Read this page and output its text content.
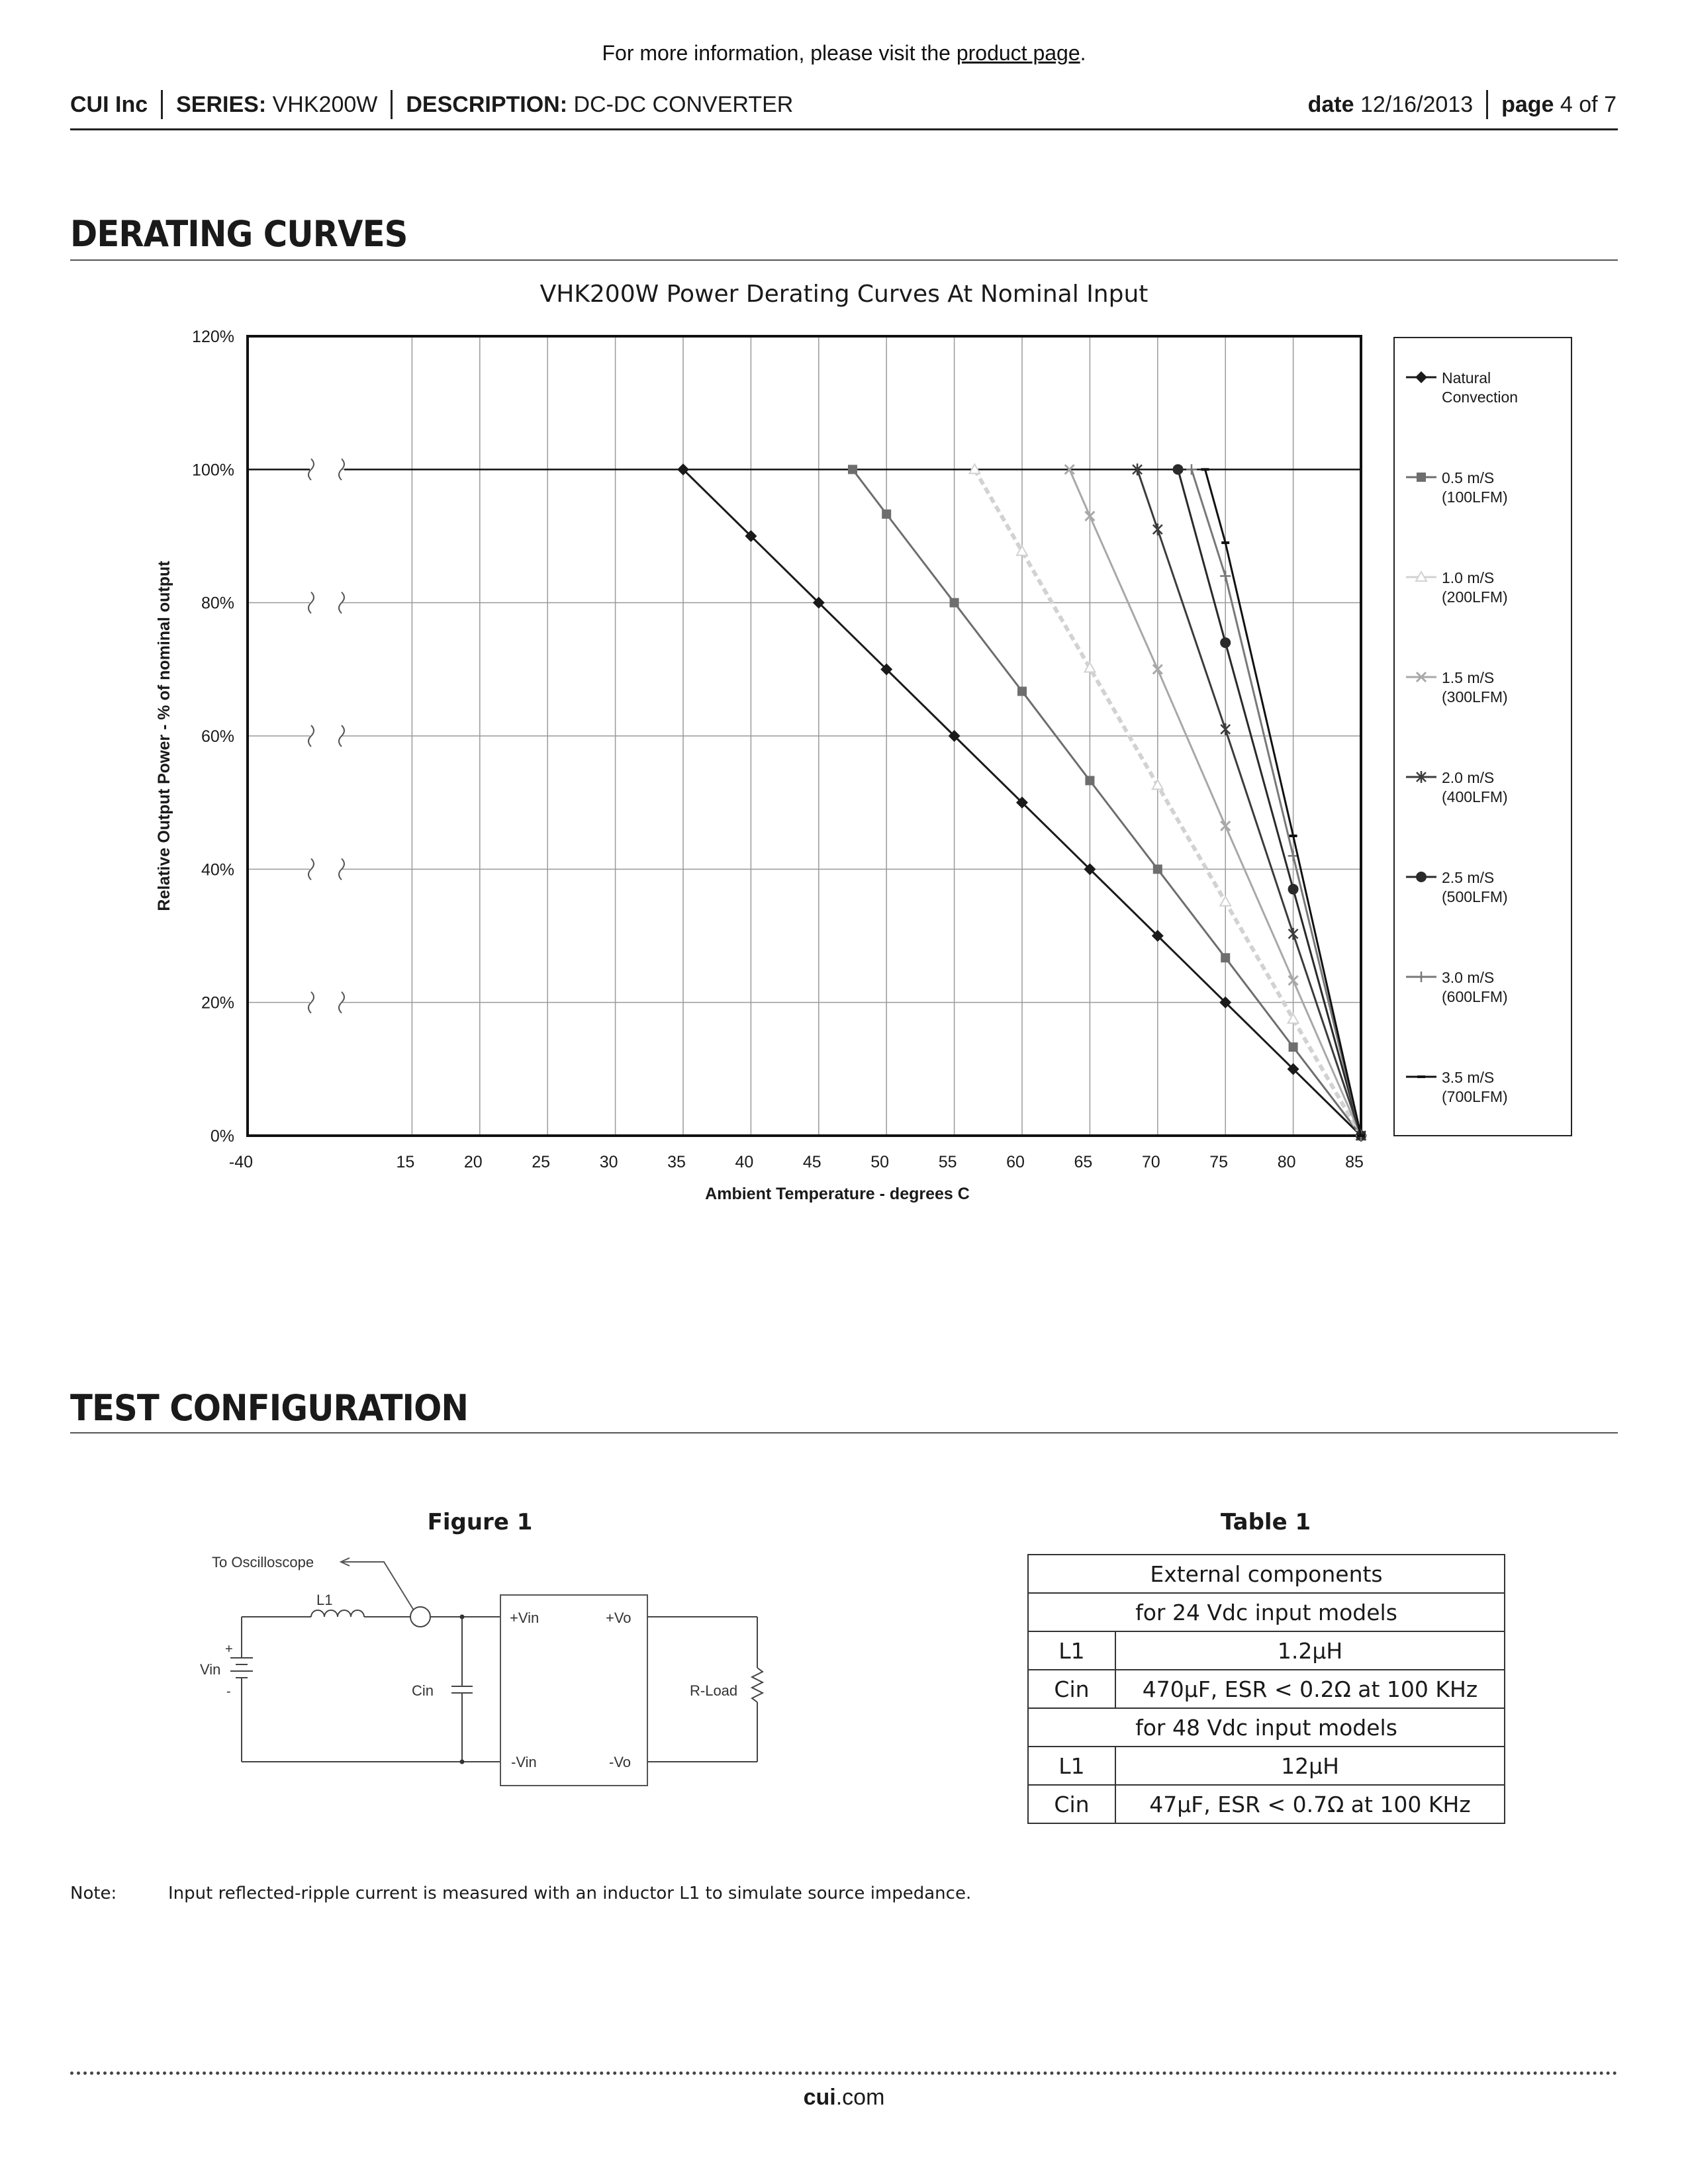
For more information, please visit the product page.
CUI Inc SERIES:
VHK200W DESCRIPTION:
DC-DC CONVERTER	date
12/16/2013 page
4 of 7
DERATING CURVES
VHK200W Power Derating Curves At Nominal Input
-40	15	20	25	30	35	40	45	50	55	60	65	70	75	80	85
0%
20%
40%
60%
80%
100%
120%
Relative Output Power - % of nominal output
Ambient Temperature - degrees C
Natural
Convection
0.5 m/S
(100LFM)
1.0 m/S
(200LFM)
1.5 m/S
(300LFM)
2.0 m/S
(400LFM)
2.5 m/S
(500LFM)
3.0 m/S
(600LFM)
3.5 m/S
(700LFM)
TEST CONFIGURATION
Figure 1
To Oscilloscope
L1
+
-
Vin
Cin
+Vin	+Vo
-Vin	-Vo
R-Load
Table 1
External components	
for 24 Vdc input models	
L1	1.2μH
Cin	470μF, ESR < 0.2Ω at 100 KHz
for 48 Vdc input models	
L1	12μH
Cin	47μF, ESR < 0.7Ω at 100 KHz
Note:	Input reflected-ripple current is measured with an inductor L1 to simulate source impedance.
cui.com
